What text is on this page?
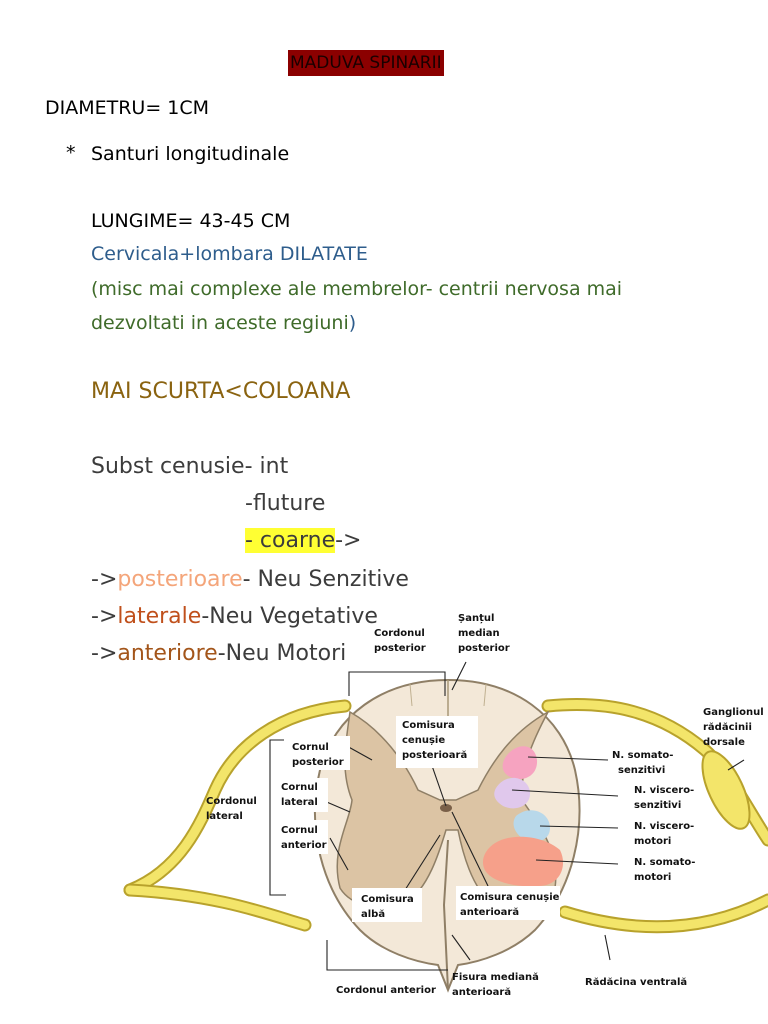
MADUVA SPINARII
DIAMETRU= 1CM
* Santuri longitudinale
LUNGIME= 43-45 CM
Cervicala+lombara DILATATE
(misc mai complexe ale membrelor- centrii nervosa mai
dezvoltati in aceste regiuni)
MAI SCURTA<COLOANA
Subst cenusie- int
-fluture
- coarne->
->posterioare- Neu Senzitive
->laterale-Neu Vegetative
->anteriore-Neu Motori
Cordonul posterior
Șanțul median posterior
Comisura cenușie posterioară
Ganglionul rădăcinii dorsale
Cornul posterior
Cornul lateral
Cornul anterior
Cordonul lateral
N. somato-senzitivi
N. viscero-senzitivi
N. viscero-motori
N. somato-motori
Comisura albă
Comisura cenușie anterioară
Cordonul anterior
Fisura mediană anterioară
Rădăcina ventrală
